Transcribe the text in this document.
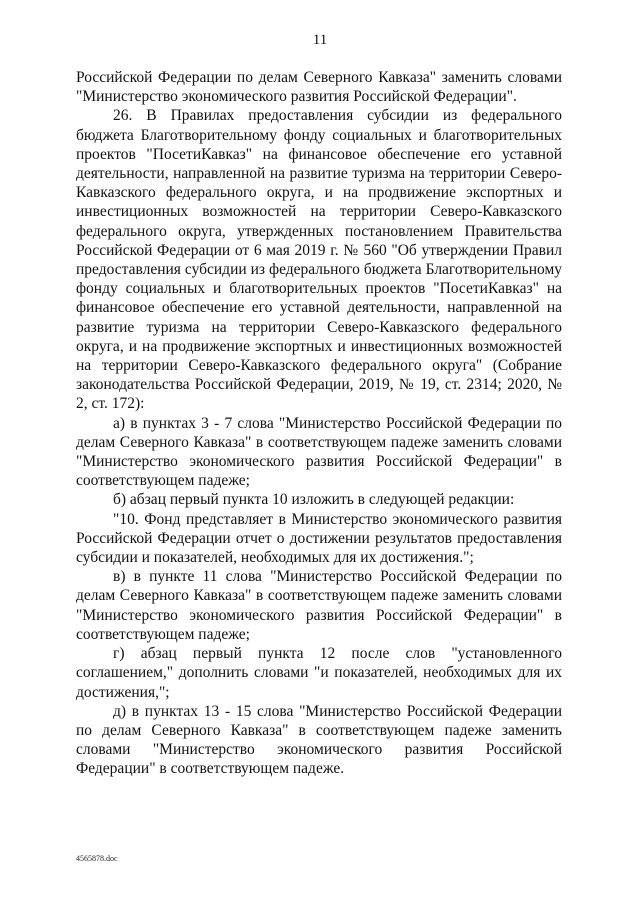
11

Российской Федерации по делам Северного Кавказа" заменить словами "Министерство экономического развития Российской Федерации".

26. В Правилах предоставления субсидии из федерального бюджета Благотворительному фонду социальных и благотворительных проектов "ПосетиКавказ" на финансовое обеспечение его уставной деятельности, направленной на развитие туризма на территории Северо-Кавказского федерального округа, и на продвижение экспортных и инвестиционных возможностей на территории Северо-Кавказского федерального округа, утвержденных постановлением Правительства Российской Федерации от 6 мая 2019 г. № 560 "Об утверждении Правил предоставления субсидии из федерального бюджета Благотворительному фонду социальных и благотворительных проектов "ПосетиКавказ" на финансовое обеспечение его уставной деятельности, направленной на развитие туризма на территории Северо-Кавказского федерального округа, и на продвижение экспортных и инвестиционных возможностей на территории Северо-Кавказского федерального округа" (Собрание законодательства Российской Федерации, 2019, № 19, ст. 2314; 2020, № 2, ст. 172):

а) в пунктах 3 - 7 слова "Министерство Российской Федерации по делам Северного Кавказа" в соответствующем падеже заменить словами "Министерство экономического развития Российской Федерации" в соответствующем падеже;

б) абзац первый пункта 10 изложить в следующей редакции:

"10. Фонд представляет в Министерство экономического развития Российской Федерации отчет о достижении результатов предоставления субсидии и показателей, необходимых для их достижения.";

в) в пункте 11 слова "Министерство Российской Федерации по делам Северного Кавказа" в соответствующем падеже заменить словами "Министерство экономического развития Российской Федерации" в соответствующем падеже;

г) абзац первый пункта 12 после слов "установленного соглашением," дополнить словами "и показателей, необходимых для их достижения,";

д) в пунктах 13 - 15 слова "Министерство Российской Федерации по делам Северного Кавказа" в соответствующем падеже заменить словами "Министерство экономического развития Российской Федерации" в соответствующем падеже.

4565878.doc
